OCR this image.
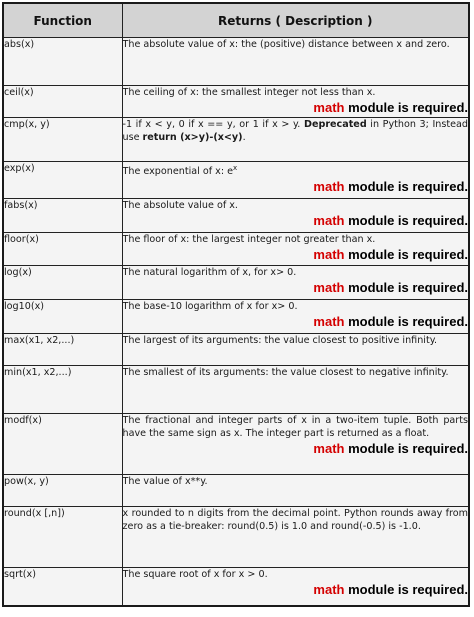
Function	Returns ( Description )
abs(x)	The absolute value of x: the (positive) distance between x and zero.
ceil(x)	The ceiling of x: the smallest integer not less than x.
math module is required.

cmp(x, y)	-1 if x < y, 0 if x == y, or 1 if x > y. Deprecated in Python 3; Instead use return (x>y)-(x<y).
exp(x)	The exponential of x: $e^x$
math module is required.

fabs(x)	The absolute value of x.
math module is required.

floor(x)	The floor of x: the largest integer not greater than x.
math module is required.

log(x)	The natural logarithm of x, for x> 0.
math module is required.

log10(x)	The base-10 logarithm of x for x> 0.
math module is required.

max(x1, x2,...)	The largest of its arguments: the value closest to positive infinity.
min(x1, x2,...)	The smallest of its arguments: the value closest to negative infinity.
modf(x)	The fractional and integer parts of x in a two-item tuple. Both parts have the same sign as x. The integer part is returned as a float.
math module is required.

pow(x, y)	The value of x**y.
round(x [,n])	x rounded to n digits from the decimal point. Python rounds away from zero as a tie-breaker: round(0.5) is 1.0 and round(-0.5) is -1.0.
sqrt(x)	The square root of x for x > 0.
math module is required.
